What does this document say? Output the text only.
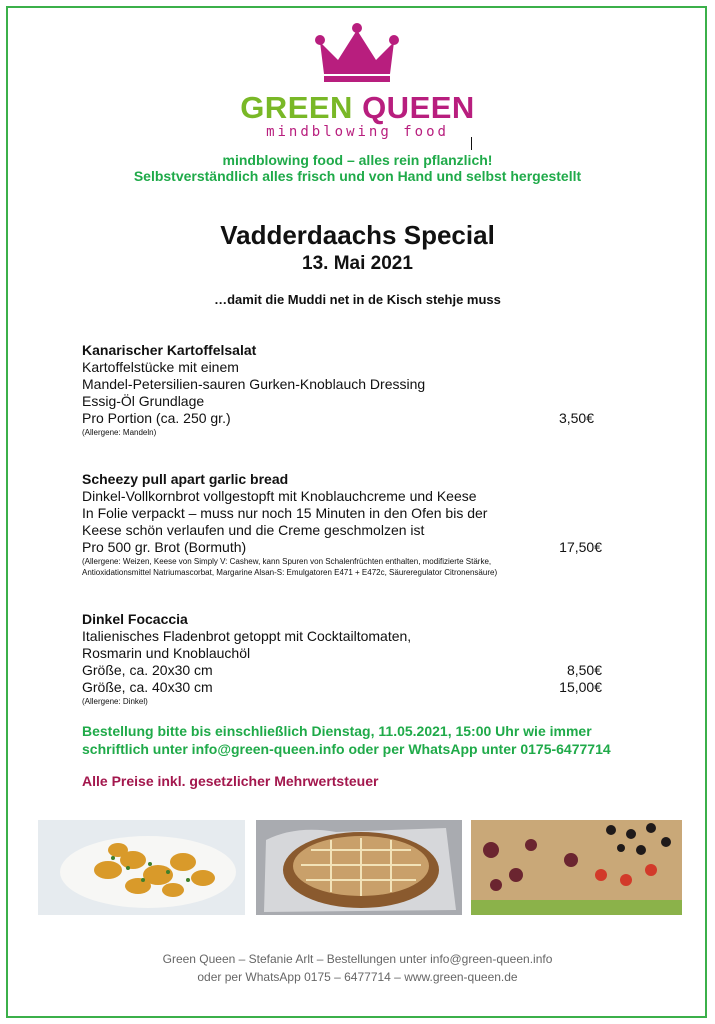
GREEN QUEEN
mindblowing food
mindblowing food – alles rein pflanzlich!
Selbstverständlich alles frisch und von Hand und selbst hergestellt
Vadderdaachs Special
13. Mai 2021
…damit die Muddi net in de Kisch stehje muss
Kanarischer Kartoffelsalat
Kartoffelstücke mit einem
Mandel-Petersilien-sauren Gurken-Knoblauch Dressing
Essig-Öl Grundlage
Pro Portion (ca. 250 gr.)	3,50€
(Allergene: Mandeln)
Scheezy pull apart garlic bread
Dinkel-Vollkornbrot vollgestopft mit Knoblauchcreme und Keese
In Folie verpackt – muss nur noch 15 Minuten in den Ofen bis der
Keese schön verlaufen und die Creme geschmolzen ist
Pro 500 gr. Brot (Bormuth)	17,50€
(Allergene: Weizen, Keese von Simply V: Cashew, kann Spuren von Schalenfrüchten enthalten, modifizierte Stärke,
Antioxidationsmittel Natriumascorbat, Margarine Alsan-S: Emulgatoren E471 + E472c, Säureregulator Citronensäure)
Dinkel Focaccia
Italienisches Fladenbrot getoppt mit Cocktailtomaten,
Rosmarin und Knoblauchöl
Größe, ca. 20x30 cm	8,50€
Größe, ca. 40x30 cm	15,00€
(Allergene: Dinkel)
Bestellung bitte bis einschließlich Dienstag, 11.05.2021, 15:00 Uhr wie immer
schriftlich unter info@green-queen.info oder per WhatsApp unter 0175-6477714
Alle Preise inkl. gesetzlicher Mehrwertsteuer
Green Queen – Stefanie Arlt – Bestellungen unter info@green-queen.info
oder per WhatsApp 0175 – 6477714 – www.green-queen.de
